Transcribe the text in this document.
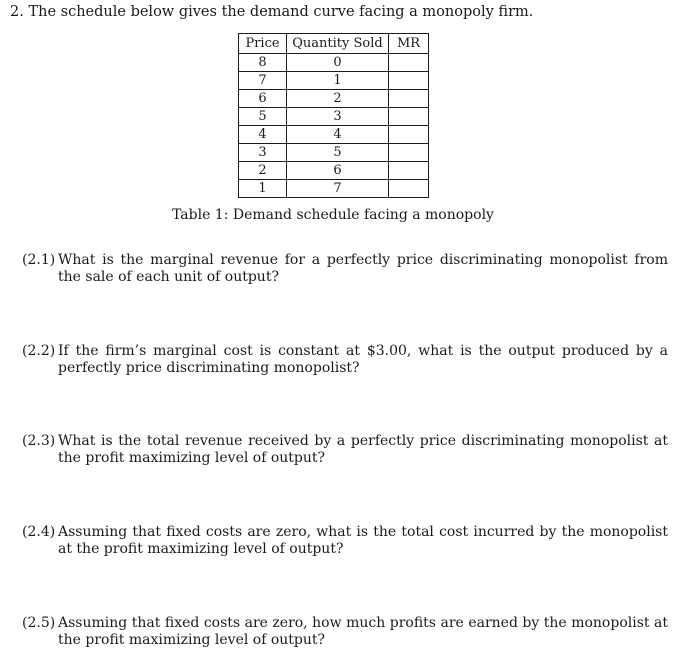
2. The schedule below gives the demand curve facing a monopoly firm.
Price	Quantity Sold	MR
8	0	
7	1	
6	2	
5	3	
4	4	
3	5	
2	6	
1	7	
Table 1: Demand schedule facing a monopoly
(2.1) What is the marginal revenue for a perfectly price discriminating monopolist from the sale of each unit of output?
(2.2) If the firm’s marginal cost is constant at $3.00, what is the output produced by a perfectly price discriminating monopolist?
(2.3) What is the total revenue received by a perfectly price discriminating monopolist at the profit maximizing level of output?
(2.4) Assuming that fixed costs are zero, what is the total cost incurred by the monopolist at the profit maximizing level of output?
(2.5) Assuming that fixed costs are zero, how much profits are earned by the monopolist at the profit maximizing level of output?
